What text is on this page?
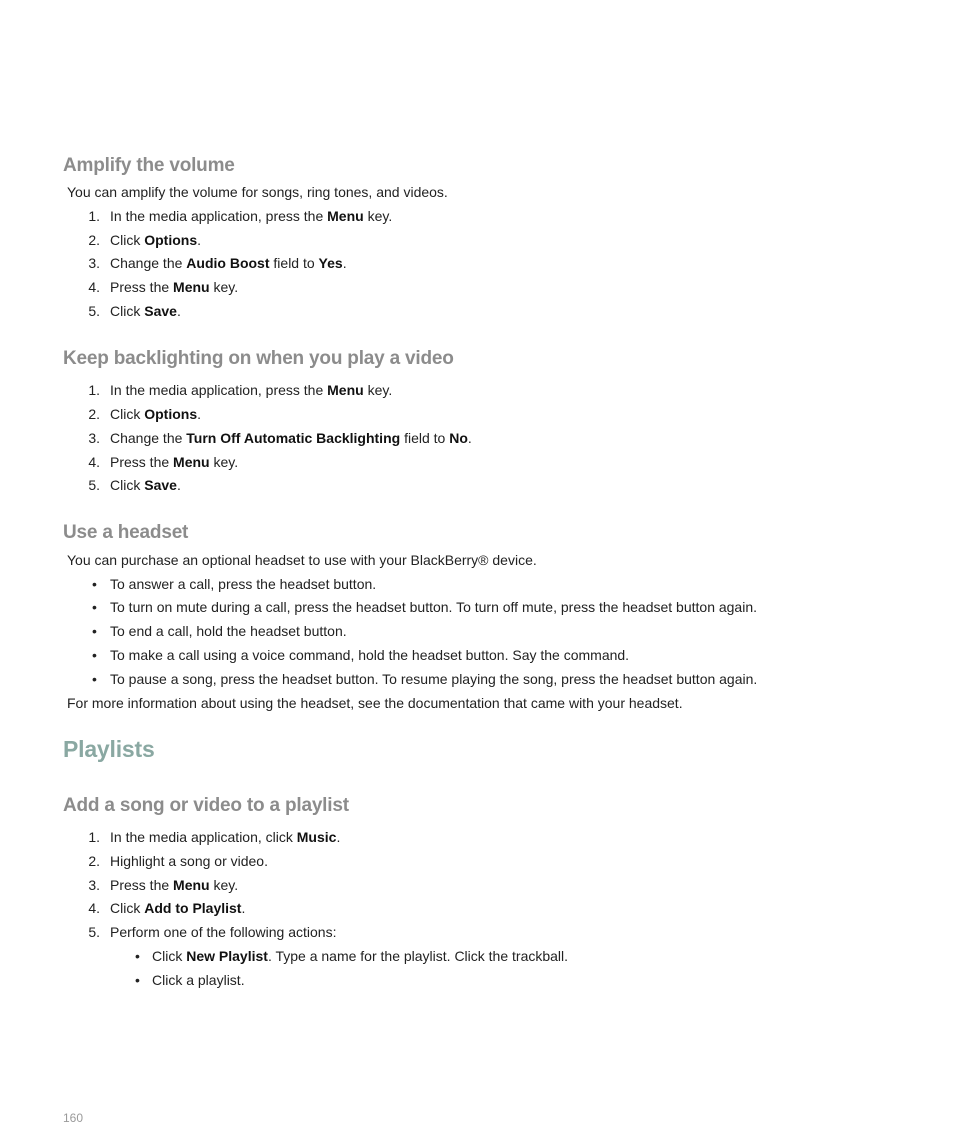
Amplify the volume

You can amplify the volume for songs, ring tones, and videos.

1. In the media application, press the Menu key.
2. Click Options.
3. Change the Audio Boost field to Yes.
4. Press the Menu key.
5. Click Save.
Keep backlighting on when you play a video
1. In the media application, press the Menu key.
2. Click Options.
3. Change the Turn Off Automatic Backlighting field to No.
4. Press the Menu key.
5. Click Save.
Use a headset

You can purchase an optional headset to use with your BlackBerry® device.

• To answer a call, press the headset button.
• To turn on mute during a call, press the headset button. To turn off mute, press the headset button again.
• To end a call, hold the headset button.
• To make a call using a voice command, hold the headset button. Say the command.
• To pause a song, press the headset button. To resume playing the song, press the headset button again.

For more information about using the headset, see the documentation that came with your headset.

Playlists
Add a song or video to a playlist
1. In the media application, click Music.
2. Highlight a song or video.
3. Press the Menu key.
4. Click Add to Playlist.
5. Perform one of the following actions:
• Click New Playlist. Type a name for the playlist. Click the trackball.
• Click a playlist.
160
